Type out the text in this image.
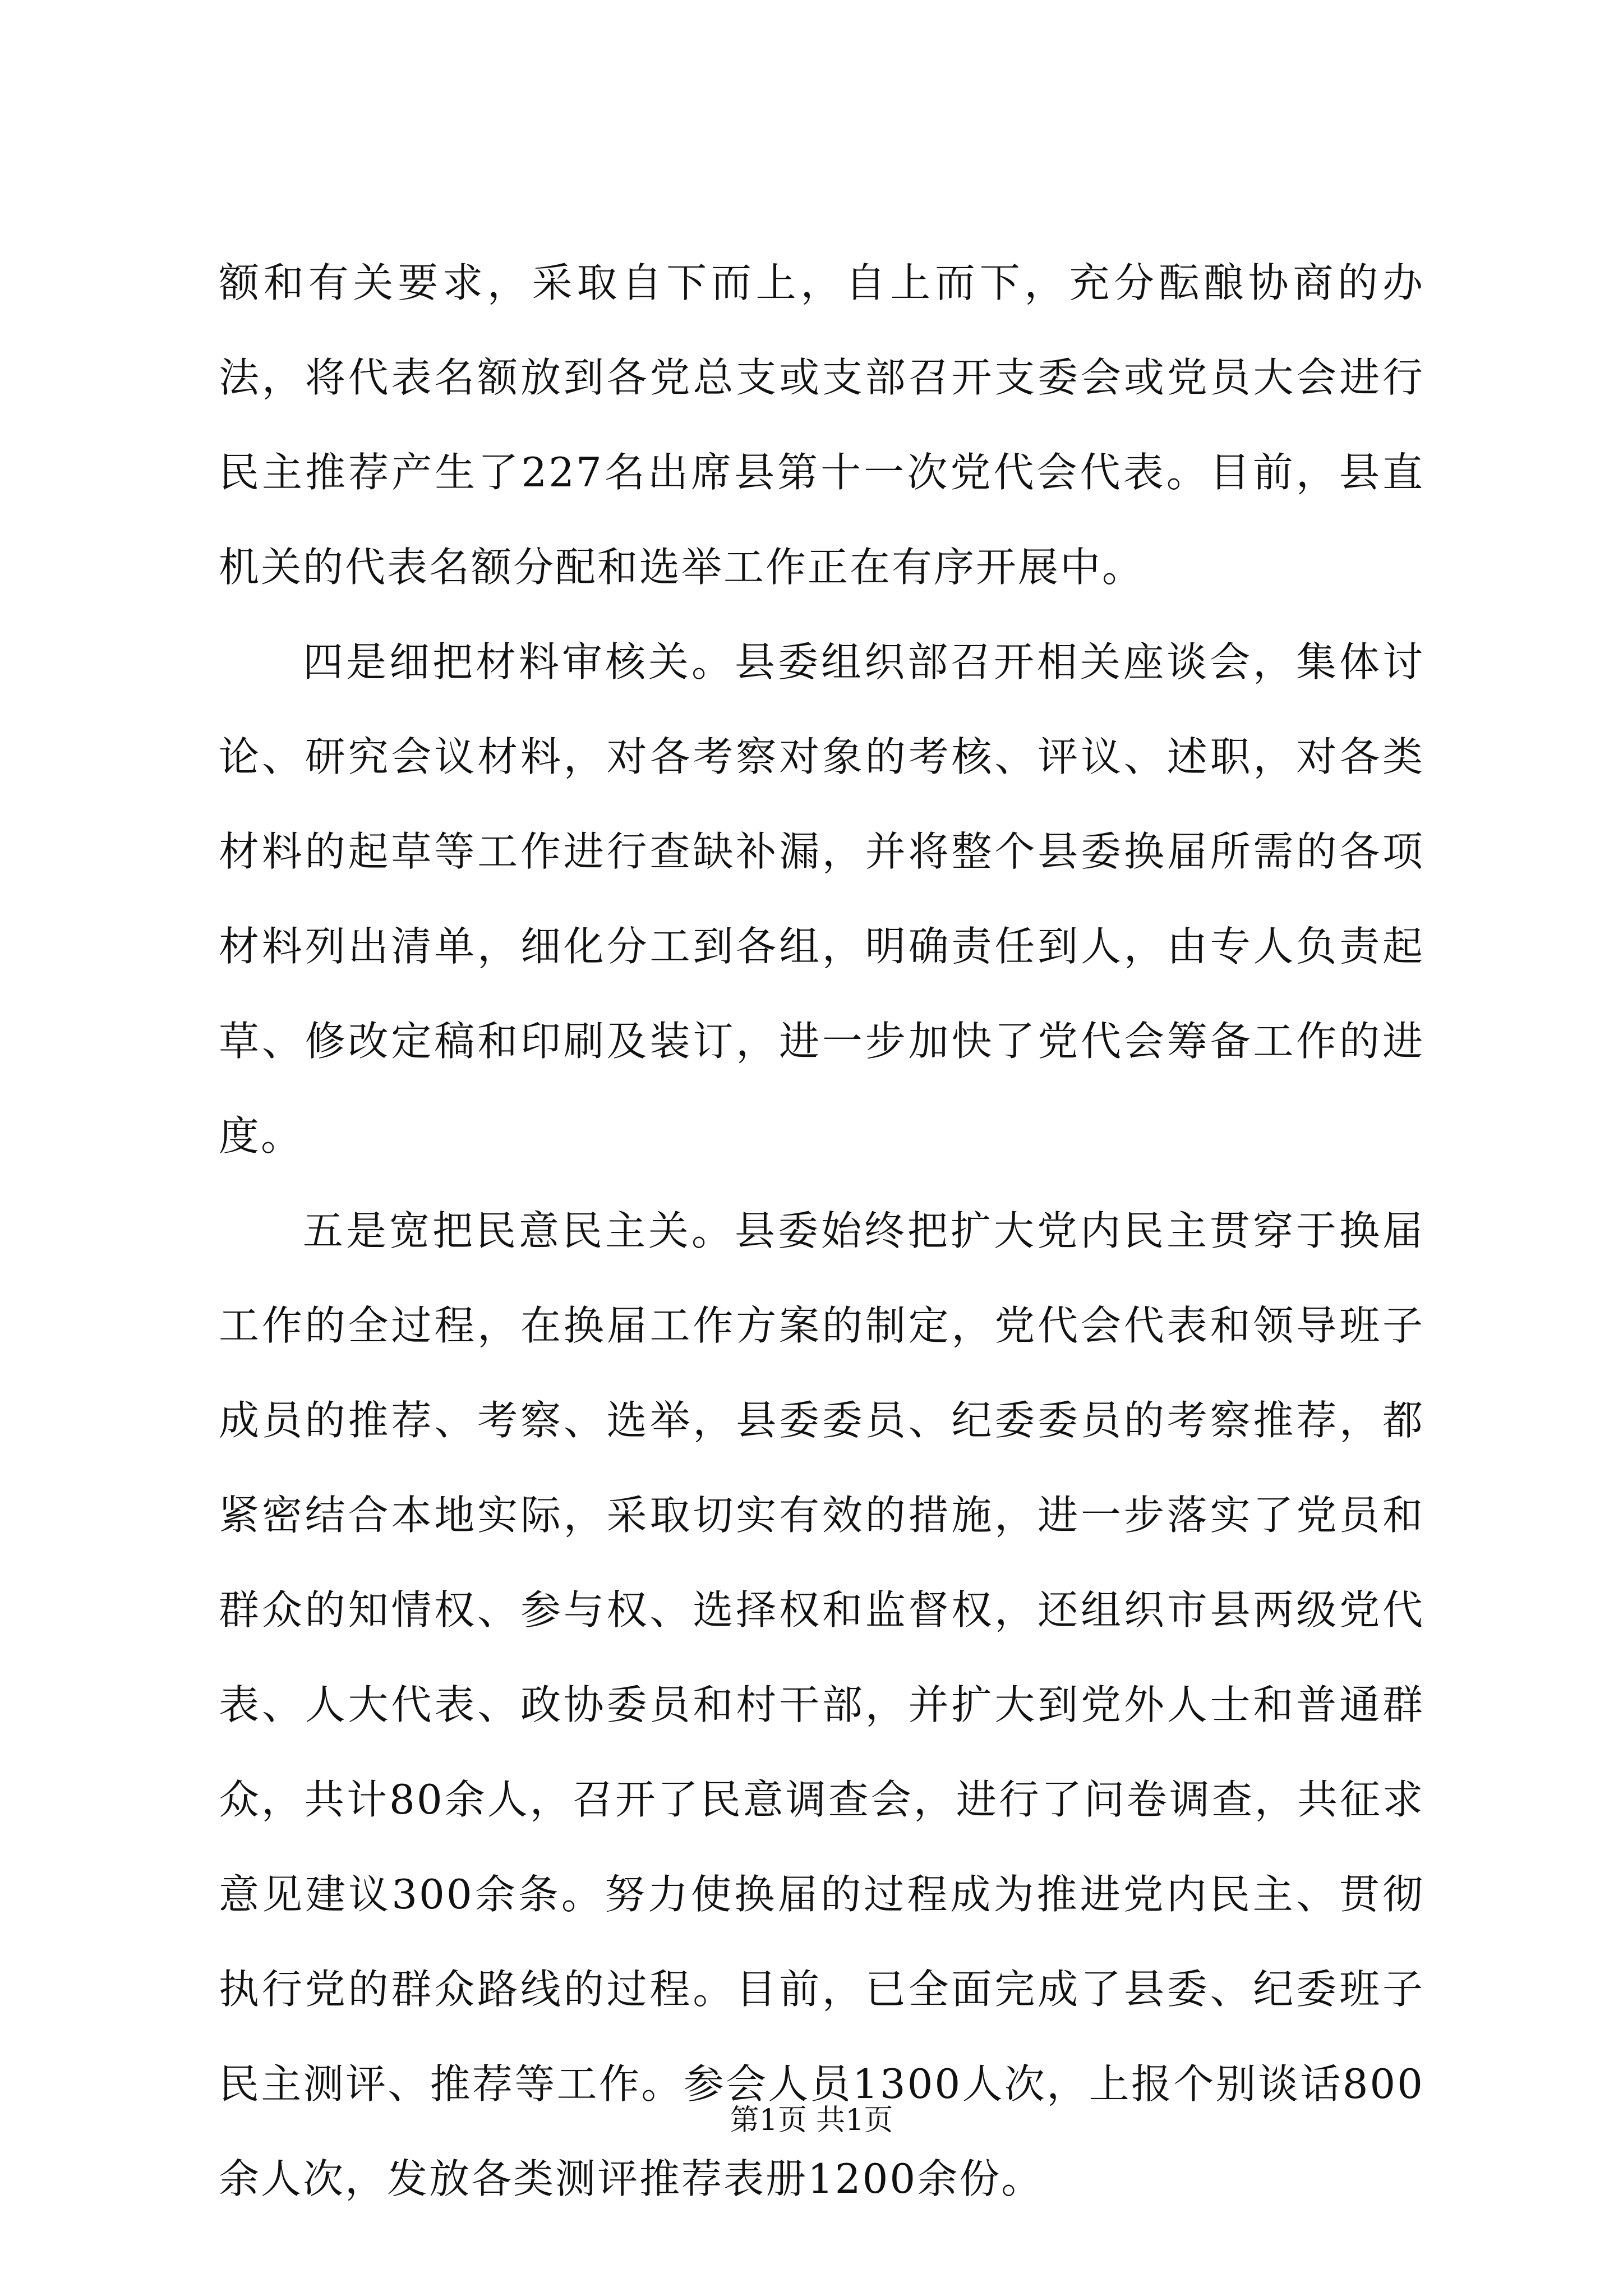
额和有关要求，采取自下而上，自上而下，充分酝酿协商的办法，将代表名额放到各党总支或支部召开支委会或党员大会进行民主推荐产生了227名出席县第十一次党代会代表。目前，县直机关的代表名额分配和选举工作正在有序开展中。

四是细把材料审核关。县委组织部召开相关座谈会，集体讨论、研究会议材料，对各考察对象的考核、评议、述职，对各类材料的起草等工作进行查缺补漏，并将整个县委换届所需的各项材料列出清单，细化分工到各组，明确责任到人，由专人负责起草、修改定稿和印刷及装订，进一步加快了党代会筹备工作的进度。

五是宽把民意民主关。县委始终把扩大党内民主贯穿于换届工作的全过程，在换届工作方案的制定，党代会代表和领导班子成员的推荐、考察、选举，县委委员、纪委委员的考察推荐，都紧密结合本地实际，采取切实有效的措施，进一步落实了党员和群众的知情权、参与权、选择权和监督权，还组织市县两级党代表、人大代表、政协委员和村干部，并扩大到党外人士和普通群众，共计80余人，召开了民意调查会，进行了问卷调查，共征求意见建议300余条。努力使换届的过程成为推进党内民主、贯彻执行党的群众路线的过程。目前，已全面完成了县委、纪委班子民主测评、推荐等工作。参会人员1300人次，上报个别谈话800余人次，发放各类测评推荐表册1200余份。

第1页 共1页
